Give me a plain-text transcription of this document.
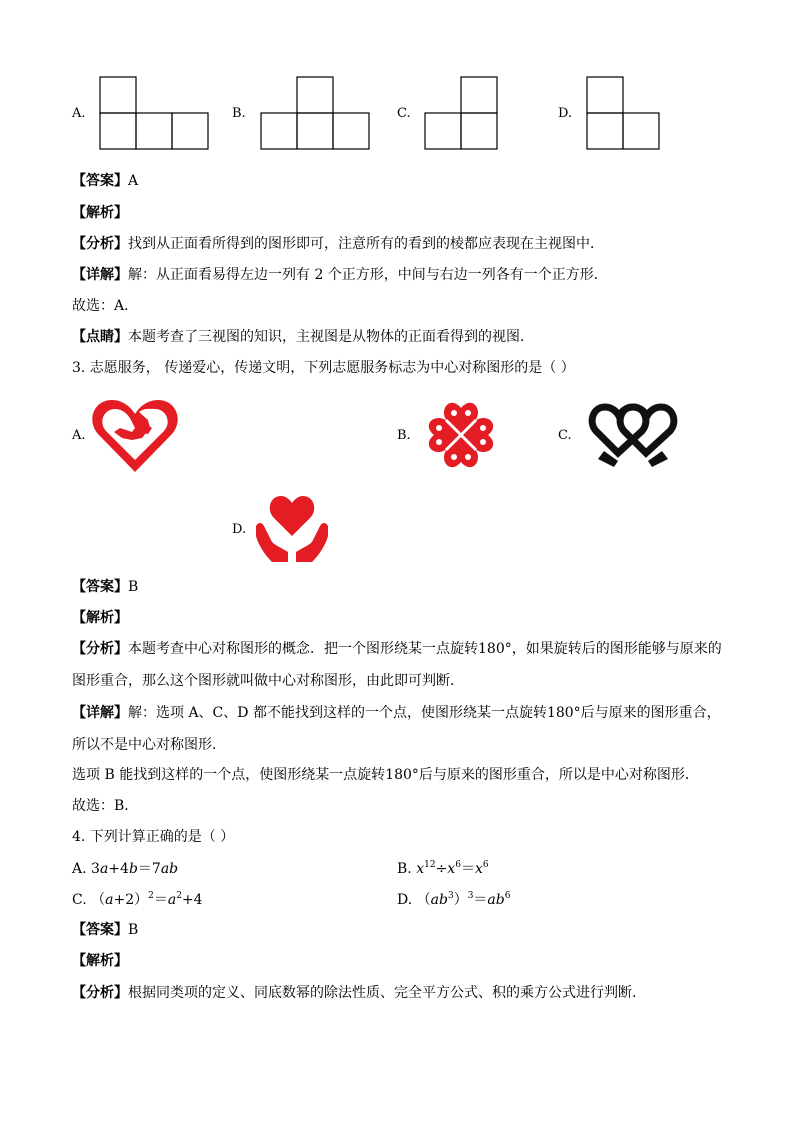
A.	B.	C.	D.
【答案】A
【解析】
【分析】找到从正面看所得到的图形即可，注意所有的看到的棱都应表现在主视图中．
【详解】解：从正面看易得左边一列有 2 个正方形，中间与右边一列各有一个正方形．
故选：A．
【点睛】本题考查了三视图的知识，主视图是从物体的正面看得到的视图．
3. 志愿服务， 传递爱心，传递文明，下列志愿服务标志为中心对称图形的是（ ）
A.	B.	C.
D.
【答案】B
【解析】
【分析】本题考查中心对称图形的概念．把一个图形绕某一点旋转180°，如果旋转后的图形能够与原来的
图形重合，那么这个图形就叫做中心对称图形，由此即可判断．
【详解】解：选项 A、C、D 都不能找到这样的一个点，使图形绕某一点旋转180°后与原来的图形重合，
所以不是中心对称图形．
选项 B 能找到这样的一个点，使图形绕某一点旋转180°后与原来的图形重合，所以是中心对称图形．
故选：B．
4. 下列计算正确的是（ ）
A. 3a+4b＝7ab	B. $x^{12}\div x^6=x^6$
C. $(a+2)^2=a^2+4$	D. $(ab^3)^3=ab^6$
【答案】B
【解析】
【分析】根据同类项的定义、同底数幂的除法性质、完全平方公式、积的乘方公式进行判断.
